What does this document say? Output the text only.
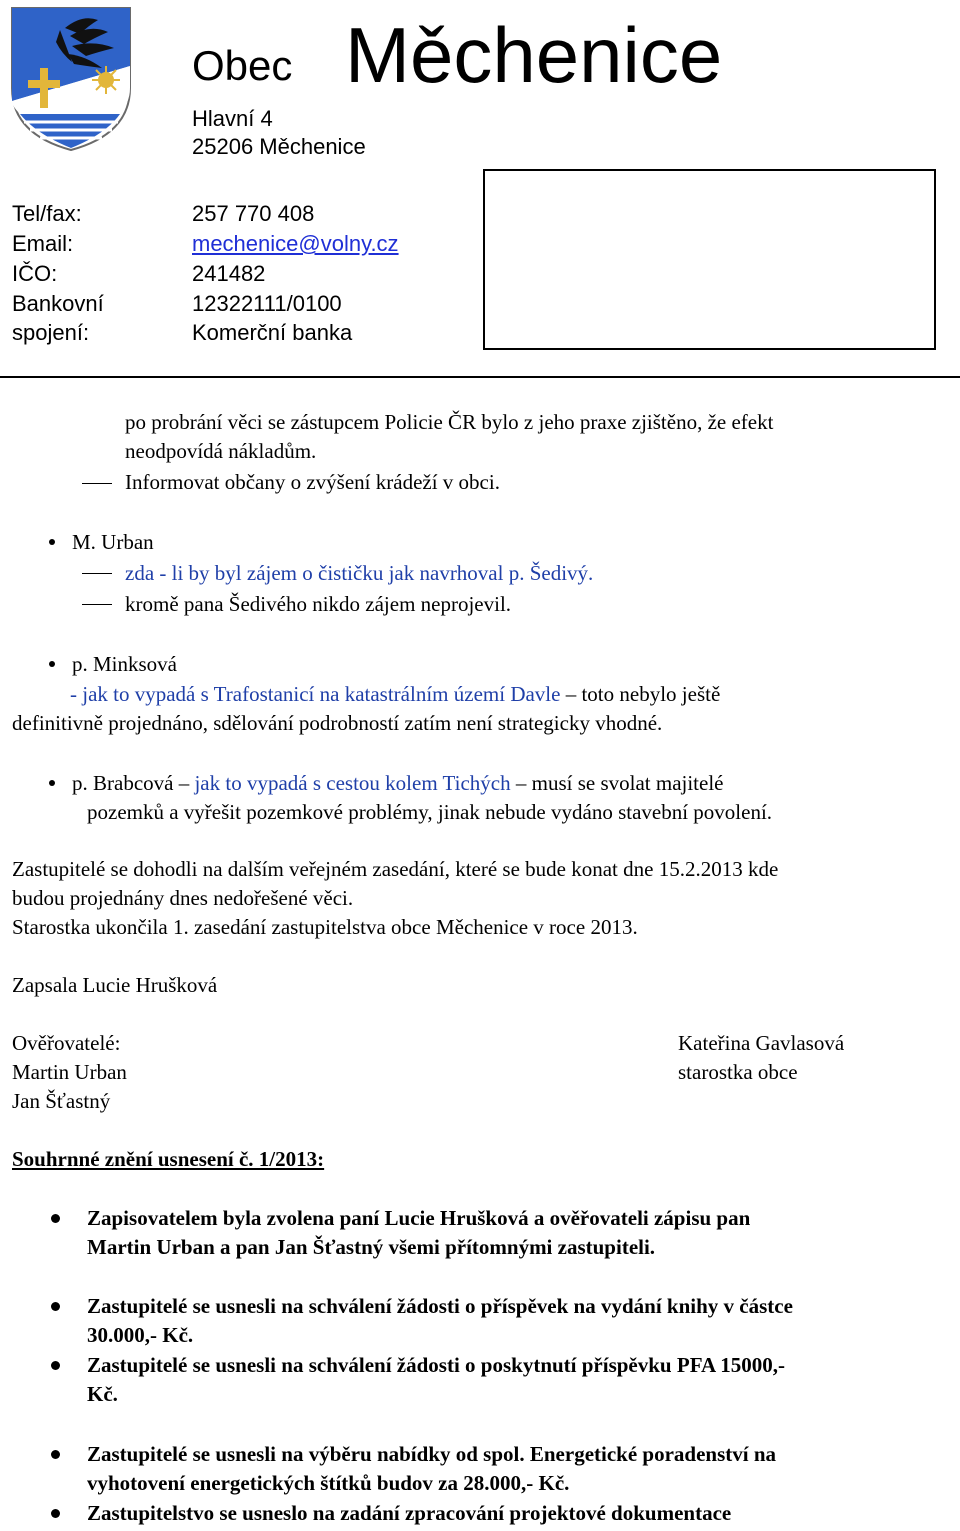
Obec Měchenice
Hlavní 4
25206 Měchenice
Tel/fax:	257 770 408
Email:	mechenice@volny.cz
IČO:	241482
Bankovní	12322111/0100
spojení:	Komerční banka
po probrání věci se zástupcem Policie ČR bylo z jeho praxe zjištěno, že efekt
neodpovídá nákladům.
Informovat občany o zvýšení krádeží v obci.
M. Urban
zda - li by byl zájem o čističku jak navrhoval p. Šedivý.
kromě pana Šedivého nikdo zájem neprojevil.
p. Minksová
- jak to vypadá s Trafostanicí na katastrálním území Davle – toto nebylo ještě
definitivně projednáno, sdělování podrobností zatím není strategicky vhodné.
p. Brabcová – jak to vypadá s cestou kolem Tichých – musí se svolat majitelé
pozemků a vyřešit pozemkové problémy, jinak nebude vydáno stavební povolení.
Zastupitelé se dohodli na dalším veřejném zasedání, které se bude konat dne 15.2.2013 kde
budou projednány dnes nedořešené věci.
Starostka ukončila 1. zasedání zastupitelstva obce Měchenice v roce 2013.
Zapsala Lucie Hrušková
Ověřovatelé:
Martin Urban
Jan Šťastný
Kateřina Gavlasová
starostka obce
Souhrnné znění usnesení č. 1/2013:
Zapisovatelem byla zvolena paní Lucie Hrušková a ověřovateli zápisu pan
Martin Urban a pan Jan Šťastný všemi přítomnými zastupiteli.
Zastupitelé se usnesli na schválení žádosti o příspěvek na vydání knihy v částce
30.000,- Kč.
Zastupitelé se usnesli na schválení žádosti o poskytnutí příspěvku PFA 15000,-
Kč.
Zastupitelé se usnesli na výběru nabídky od spol. Energetické poradenství na
vyhotovení energetických štítků budov za 28.000,- Kč.
Zastupitelstvo se usneslo na zadání zpracování projektové dokumentace
